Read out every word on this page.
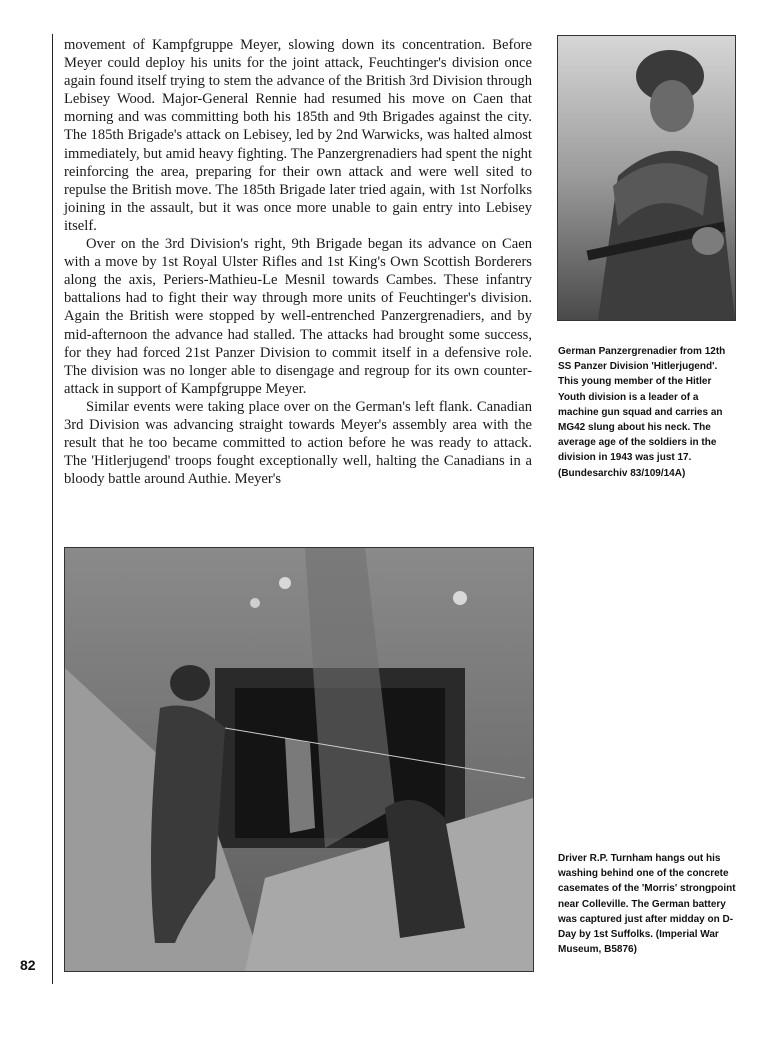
82

movement of Kampfgruppe Meyer, slowing down its concentration. Before Meyer could deploy his units for the joint attack, Feuchtinger's division once again found itself trying to stem the advance of the British 3rd Division through Lebisey Wood. Major-General Rennie had resumed his move on Caen that morning and was committing both his 185th and 9th Brigades against the city. The 185th Brigade's attack on Lebisey, led by 2nd Warwicks, was halted almost immediately, but amid heavy fighting. The Panzergrenadiers had spent the night reinforcing the area, preparing for their own attack and were well sited to repulse the British move. The 185th Brigade later tried again, with 1st Norfolks joining in the assault, but it was once more unable to gain entry into Lebisey itself.

Over on the 3rd Division's right, 9th Brigade began its advance on Caen with a move by 1st Royal Ulster Rifles and 1st King's Own Scottish Borderers along the axis, Periers-Mathieu-Le Mesnil towards Cambes. These infantry battalions had to fight their way through more units of Feuchtinger's division. Again the British were stopped by well-entrenched Panzergrenadiers, and by mid-afternoon the advance had stalled. The attacks had brought some success, for they had forced 21st Panzer Division to commit itself in a defensive role. The division was no longer able to disengage and regroup for its own counter-attack in support of Kampfgruppe Meyer.

Similar events were taking place over on the German's left flank. Canadian 3rd Division was advancing straight towards Meyer's assembly area with the result that he too became committed to action before he was ready to attack. The 'Hitlerjugend' troops fought exceptionally well, halting the Canadians in a bloody battle around Authie. Meyer's

German Panzergrenadier from 12th SS Panzer Division 'Hitlerjugend'. This young member of the Hitler Youth division is a leader of a machine gun squad and carries an MG42 slung about his neck. The average age of the soldiers in the division in 1943 was just 17. (Bundesarchiv 83/109/14A)
Driver R.P. Turnham hangs out his washing behind one of the concrete casemates of the 'Morris' strongpoint near Colleville. The German battery was captured just after midday on D-Day by 1st Suffolks. (Imperial War Museum, B5876)
